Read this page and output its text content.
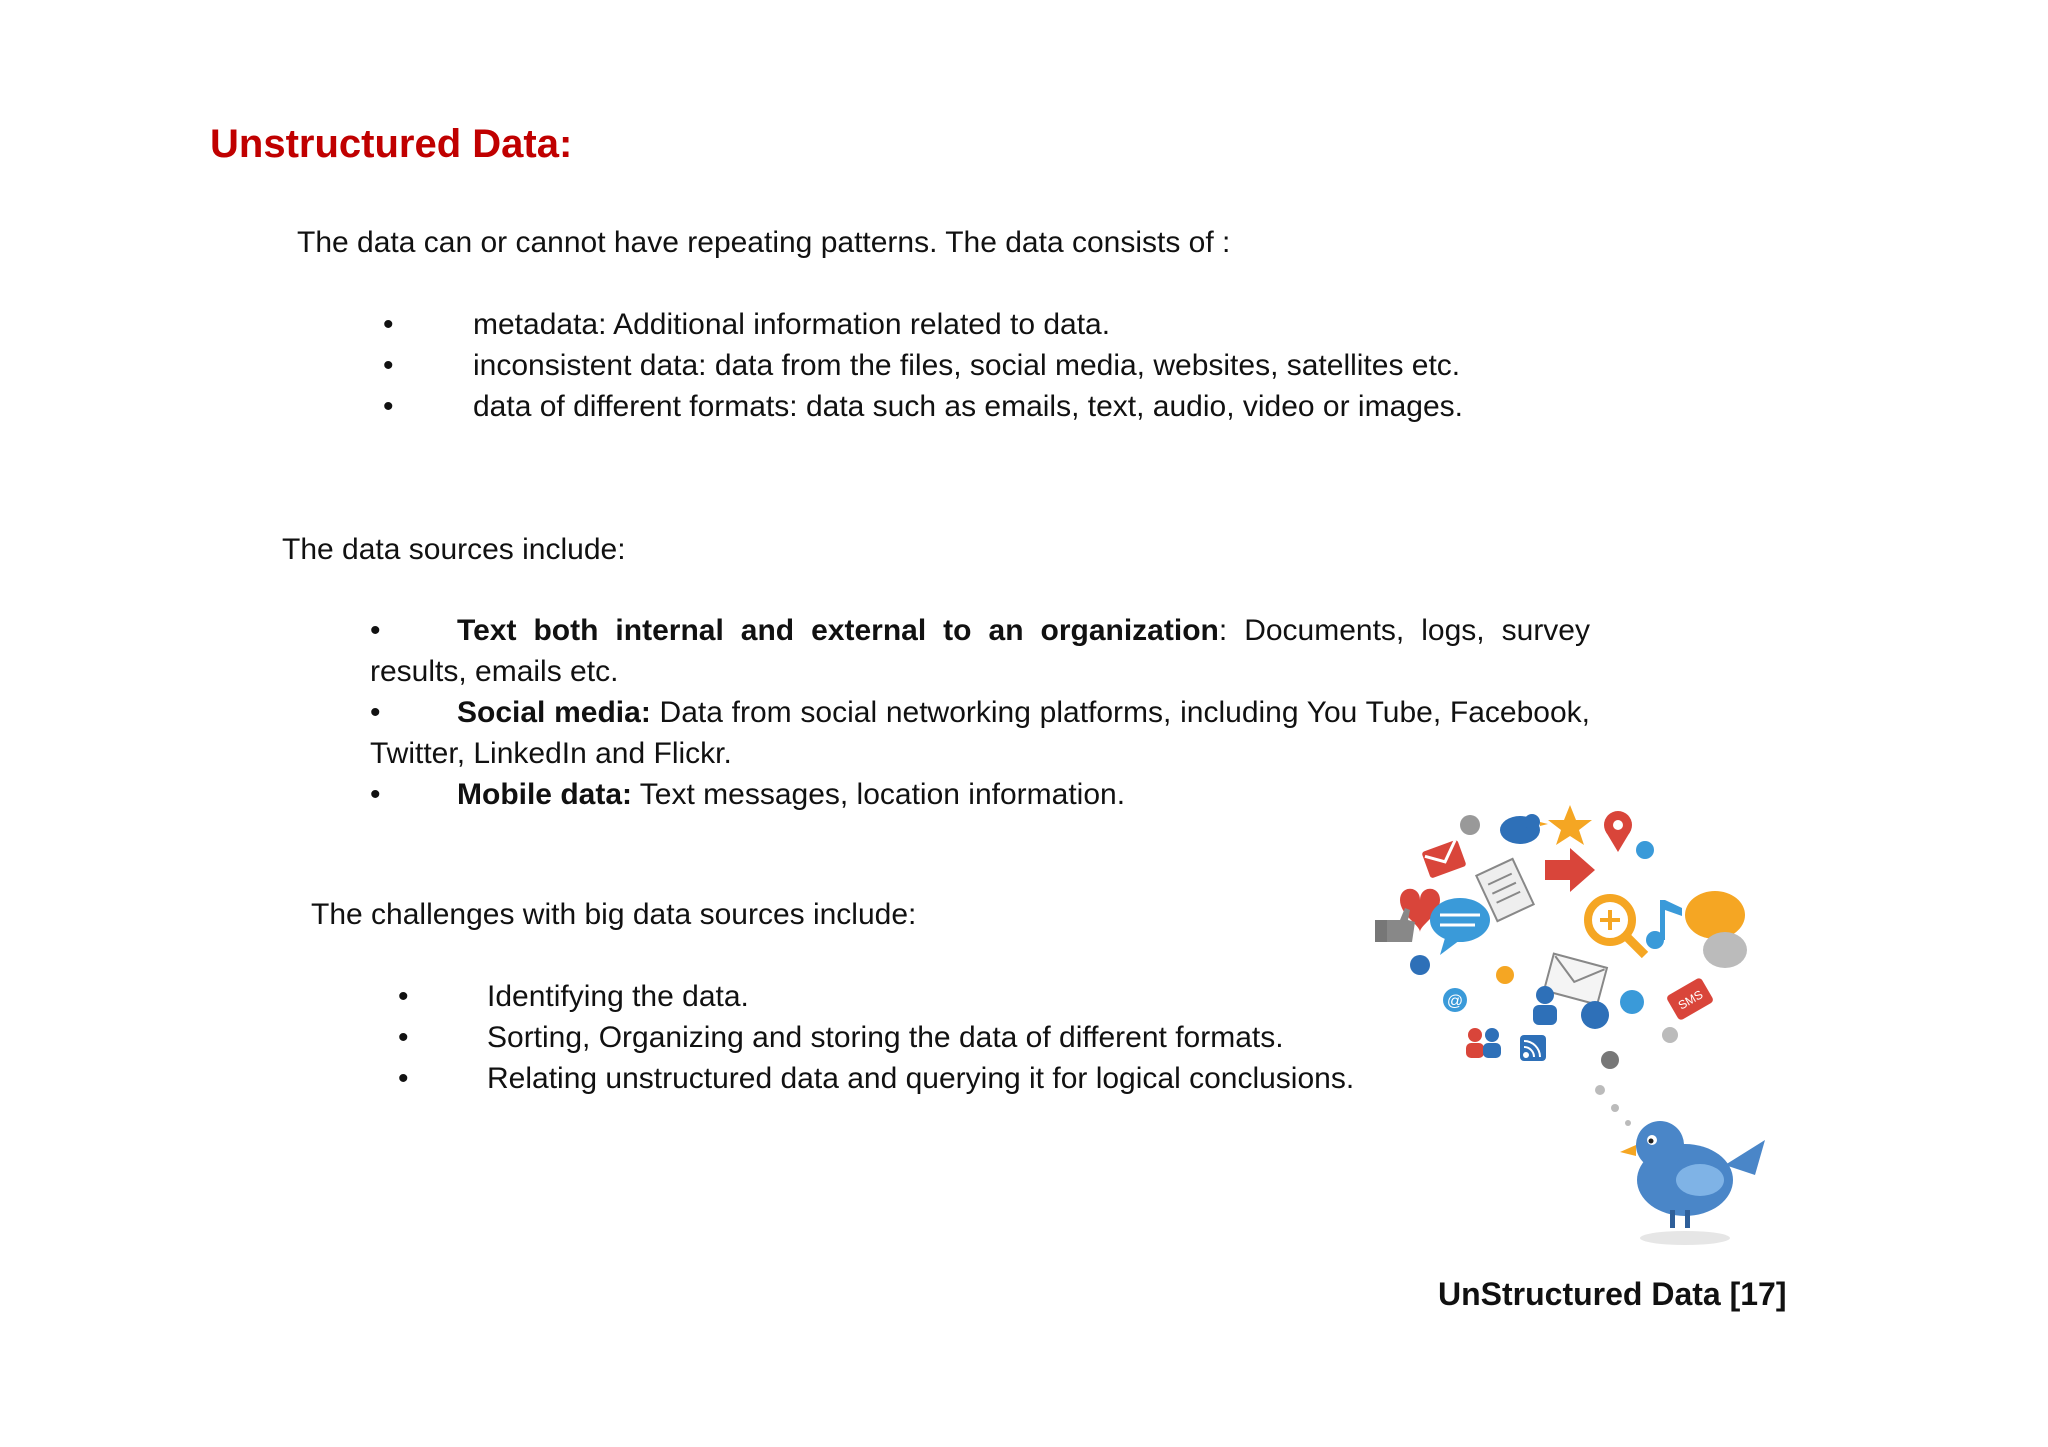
Unstructured Data:

The data can or cannot have repeating patterns. The data consists of :

•	metadata: Additional information related to data.
•	inconsistent data: data from the files, social media, websites, satellites etc.
•	data of different formats: data such as emails, text, audio, video or images.

The data sources include:

•	Text both internal and external to an organization: Documents, logs, survey results, emails etc.
•	Social media: Data from social networking platforms, including You Tube, Facebook, Twitter, LinkedIn and Flickr.
•	Mobile data: Text messages, location information.

The challenges with big data sources include:

•	Identifying the data.
•	Sorting, Organizing and storing the data of different formats.
•	Relating unstructured data and querying it for logical conclusions.
@	SMS
UnStructured Data [17]
